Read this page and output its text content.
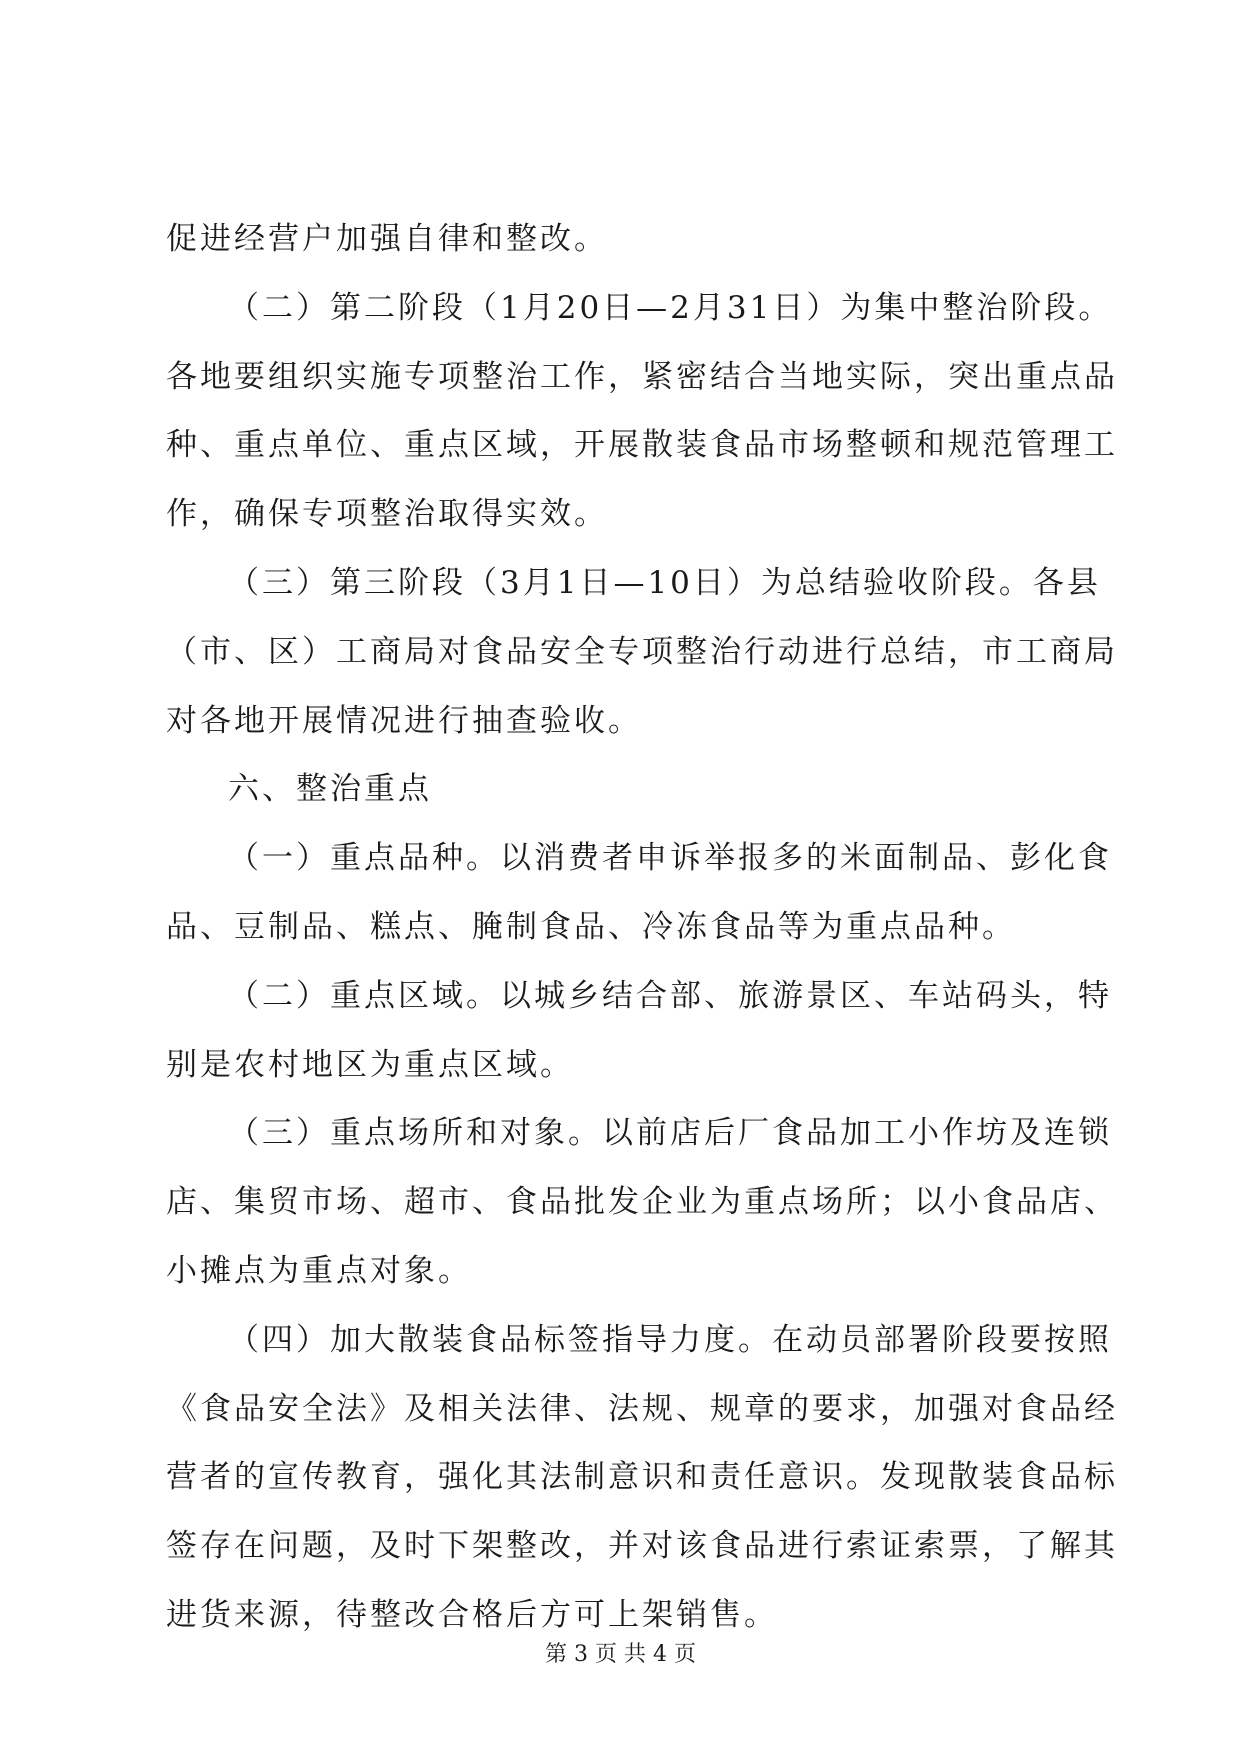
促进经营户加强自律和整改。
（二）第二阶段（1月20日—2月31日）为集中整治阶段。
各地要组织实施专项整治工作，紧密结合当地实际，突出重点品
种、重点单位、重点区域，开展散装食品市场整顿和规范管理工
作，确保专项整治取得实效。
（三）第三阶段（3月1日—10日）为总结验收阶段。各县
（市、区）工商局对食品安全专项整治行动进行总结，市工商局
对各地开展情况进行抽查验收。
六、整治重点
（一）重点品种。以消费者申诉举报多的米面制品、彭化食
品、豆制品、糕点、腌制食品、冷冻食品等为重点品种。
（二）重点区域。以城乡结合部、旅游景区、车站码头，特
别是农村地区为重点区域。
（三）重点场所和对象。以前店后厂食品加工小作坊及连锁
店、集贸市场、超市、食品批发企业为重点场所；以小食品店、
小摊点为重点对象。
（四）加大散装食品标签指导力度。在动员部署阶段要按照
《食品安全法》及相关法律、法规、规章的要求，加强对食品经
营者的宣传教育，强化其法制意识和责任意识。发现散装食品标
签存在问题，及时下架整改，并对该食品进行索证索票，了解其
进货来源，待整改合格后方可上架销售。
第 3 页 共 4 页
